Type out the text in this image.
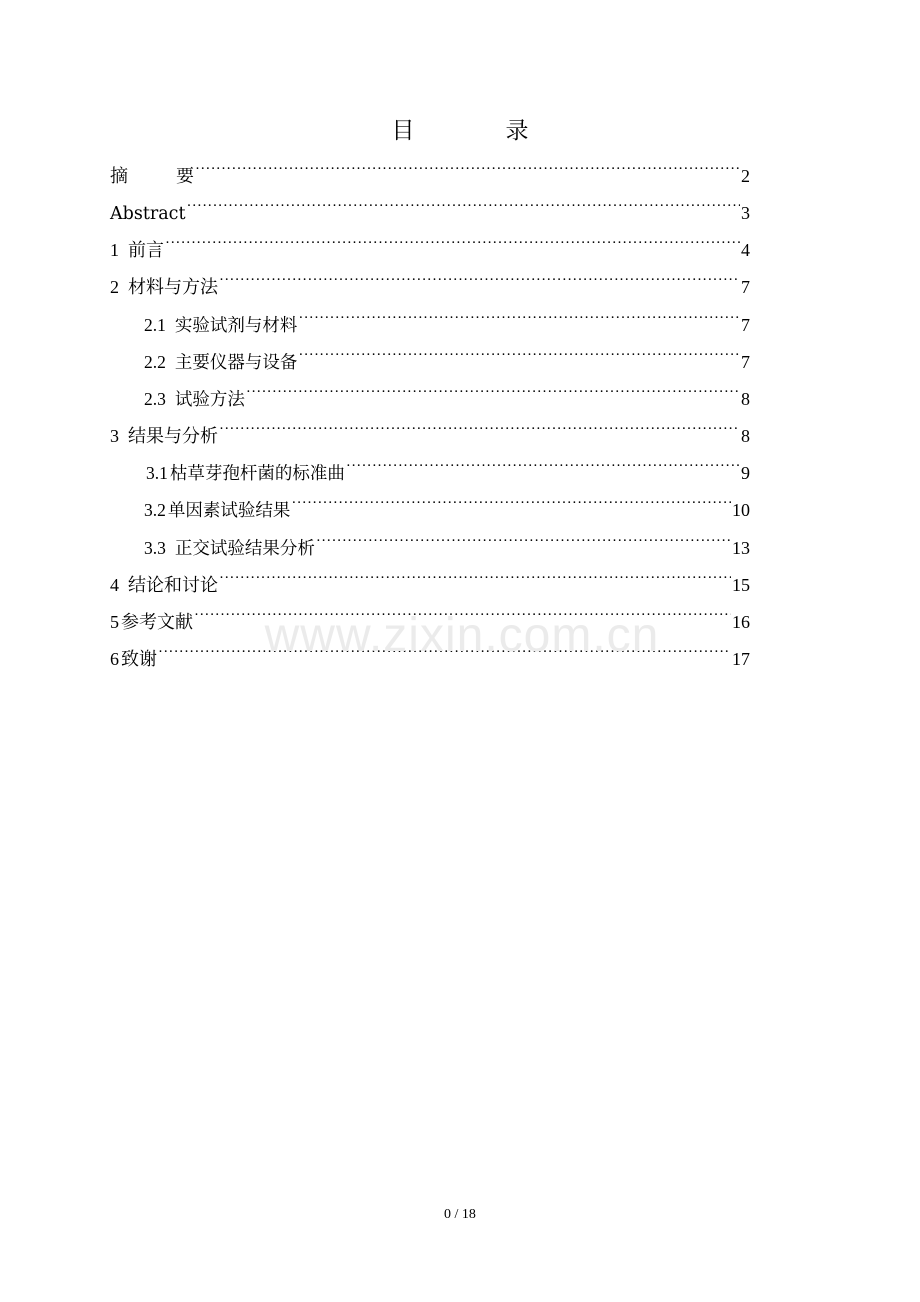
目　录
摘	要 ·····	2
Abstract ·····	3
1 前言 ·····	4
2 材料与方法 ·····	7
2.1 实验试剂与材料 ·····	7
2.2 主要仪器与设备 ·····	7
2.3 试验方法 ·····	8
3 结果与分析 ·····	8
3.1 枯草芽孢杆菌的标准曲 ·····	9
3.2 单因素试验结果 ·····	10
3.3 正交试验结果分析 ·····	13
4 结论和讨论 ·····	15
5 参考文献 ·····	16
6 致谢 ·····	17
www.zixin.com.cn
0 / 18
